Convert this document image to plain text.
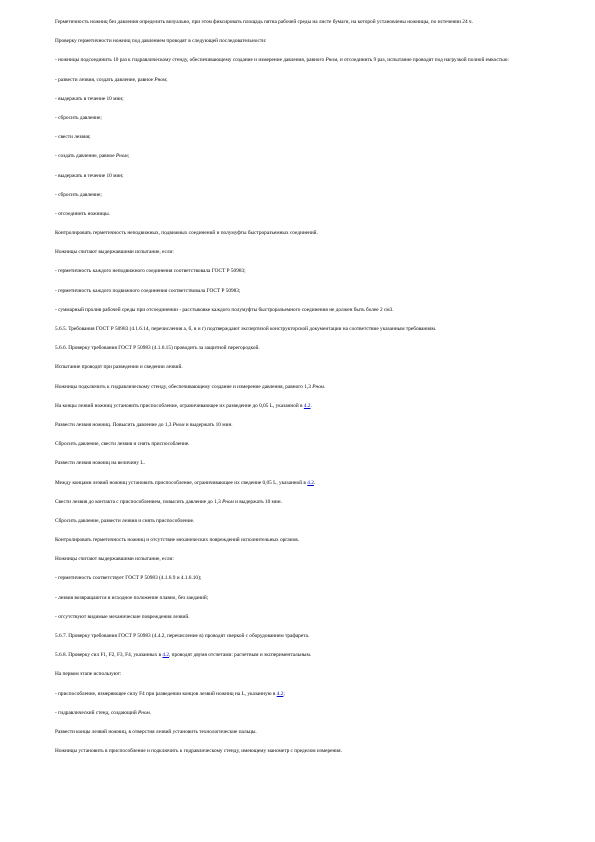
Герметичность ножниц без давления определить визуально, при этом фиксировать площадь пятна рабочей среды на листе бумаги, на которой установлены ножницы, по истечении 24 ч.

Проверку герметичности ножниц под давлением проводят в следующей последовательности:

- ножницы подсоединить 10 раз к гидравлическому стенду, обеспечивающему создание и измерение давления, равного Pном, и отсоединить 9 раз, испытание проводят под нагрузкой полной емкостью:

- развести лезвия, создать давление, равное Pном;

- выдержать в течение 10 мин;

- сбросить давление;

- свести лезвия;

- создать давление, равное Pном;

- выдержать в течение 10 мин;

- сбросить давление;

- отсоединить ножницы.

Контролировать герметичность неподвижных, подвижных соединений и полумуфты быстроразъемных соединений.

Ножницы считают выдержавшими испытание, если:

- герметичность каждого неподвижного соединения соответствовала ГОСТ Р 50983;

- герметичность каждого подвижного соединения соответствовала ГОСТ Р 50983;

- суммарный пролив рабочей среды при отсоединении - расстыковке каждого полумуфты быстроразъемного соединения не должен быть более 2 см3.

5.6.5. Требования ГОСТ Р 50983 (4.1.6.14, перечисления а, б, в и г) подтверждают экспертизой конструкторской документации на соответствие указанным требованиям.

5.6.6. Проверку требования ГОСТ Р 50983 (4.1.6.15) проводить за защитной перегородкой.

Испытание проводят при разведении и сведении лезвий.

Ножницы подключить к гидравлическому стенду, обеспечивающему создание и измерение давления, равного 1,3 Pном.

На концы лезвий ножниц установить приспособление, ограничивающее их разведение до 0,05 L, указанной в 4.2.

Развести лезвия ножниц. Повысить давление до 1,3 Pном и выдержать 10 мин.

Сбросить давление, свести лезвия и снять приспособление.

Развести лезвия ножниц на величину L.

Между концами лезвий ножниц установить приспособление, ограничивающее их сведение 0,05 L, указанной в 4.2.

Свести лезвия до контакта с приспособлением, повысить давление до 1,3 Pном и выдержать 10 мин.

Сбросить давление, развести лезвия и снять приспособление.

Контролировать герметичность ножниц и отсутствие механических повреждений исполнительных органов.

Ножницы считают выдержавшими испытание, если:

- герметичность соответствует ГОСТ Р 50983 (4.1.6.9 и 4.1.6.10);

- лезвия возвращаются в исходное положение плавно, без заеданий;

- отсутствуют видимые механические повреждения лезвий.

5.6.7. Проверку требования ГОСТ Р 50983 (4.4.2, перечисление в) проводят сверкой с оборудованием трафарета.

5.6.8. Проверку сил F1, F2, F3, F4, указанных в 4.2, проводят двумя отсчетами: расчетным и экспериментальным.

На первом этапе используют:

- приспособление, измеряющее силу F4 при разведении концов лезвий ножниц на L, указанную в 4.2;

- гидравлический стенд, создающий Pном.

Развести концы лезвий ножниц, в отверстия лезвий установить технологические пальцы.

Ножницы установить в приспособление и подключить к гидравлическому стенду, имеющему манометр с пределом измерения.
